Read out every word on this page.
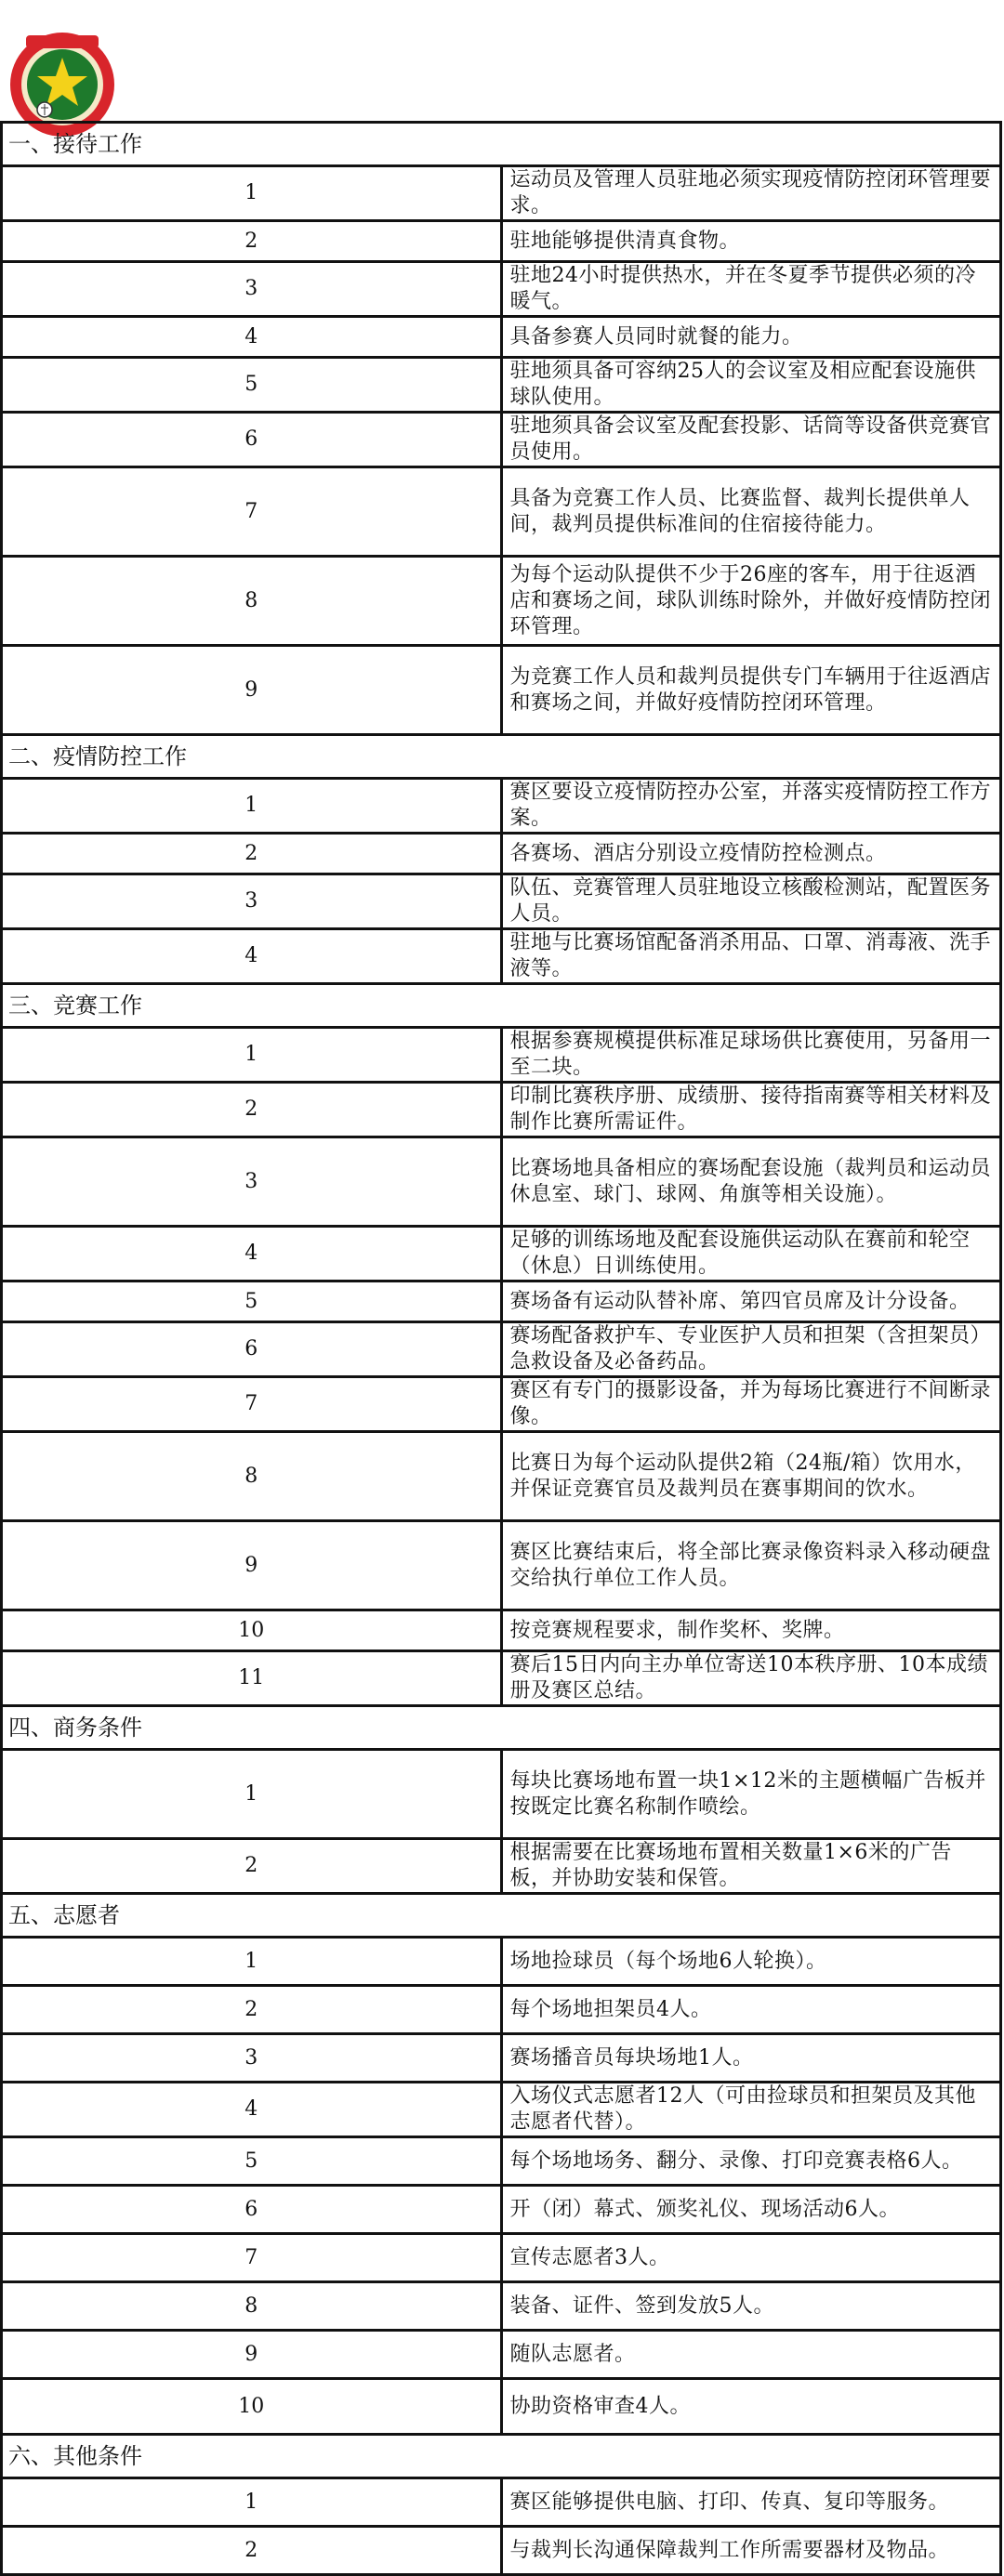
一、接待工作	
1	运动员及管理人员驻地必须实现疫情防控闭环管理要求。
2	驻地能够提供清真食物。
3	驻地24小时提供热水，并在冬夏季节提供必须的冷暖气。
4	具备参赛人员同时就餐的能力。
5	驻地须具备可容纳25人的会议室及相应配套设施供球队使用。
6	驻地须具备会议室及配套投影、话筒等设备供竞赛官员使用。
7	具备为竞赛工作人员、比赛监督、裁判长提供单人间，裁判员提供标准间的住宿接待能力。
8	为每个运动队提供不少于26座的客车，用于往返酒店和赛场之间，球队训练时除外，并做好疫情防控闭环管理。
9	为竞赛工作人员和裁判员提供专门车辆用于往返酒店和赛场之间，并做好疫情防控闭环管理。
二、疫情防控工作	
1	赛区要设立疫情防控办公室，并落实疫情防控工作方案。
2	各赛场、酒店分别设立疫情防控检测点。
3	队伍、竞赛管理人员驻地设立核酸检测站，配置医务人员。
4	驻地与比赛场馆配备消杀用品、口罩、消毒液、洗手液等。
三、竞赛工作	
1	根据参赛规模提供标准足球场供比赛使用，另备用一至二块。
2	印制比赛秩序册、成绩册、接待指南赛等相关材料及制作比赛所需证件。
3	比赛场地具备相应的赛场配套设施（裁判员和运动员休息室、球门、球网、角旗等相关设施）。
4	足够的训练场地及配套设施供运动队在赛前和轮空（休息）日训练使用。
5	赛场备有运动队替补席、第四官员席及计分设备。
6	赛场配备救护车、专业医护人员和担架（含担架员）急救设备及必备药品。
7	赛区有专门的摄影设备，并为每场比赛进行不间断录像。
8	比赛日为每个运动队提供2箱（24瓶/箱）饮用水，并保证竞赛官员及裁判员在赛事期间的饮水。
9	赛区比赛结束后，将全部比赛录像资料录入移动硬盘交给执行单位工作人员。
10	按竞赛规程要求，制作奖杯、奖牌。
11	赛后15日内向主办单位寄送10本秩序册、10本成绩册及赛区总结。
四、商务条件	
1	每块比赛场地布置一块1×12米的主题横幅广告板并按既定比赛名称制作喷绘。
2	根据需要在比赛场地布置相关数量1×6米的广告板，并协助安装和保管。
五、志愿者	
1	场地捡球员（每个场地6人轮换）。
2	每个场地担架员4人。
3	赛场播音员每块场地1人。
4	入场仪式志愿者12人（可由捡球员和担架员及其他志愿者代替）。
5	每个场地场务、翻分、录像、打印竞赛表格6人。
6	开（闭）幕式、颁奖礼仪、现场活动6人。
7	宣传志愿者3人。
8	装备、证件、签到发放5人。
9	随队志愿者。
10	协助资格审查4人。
六、其他条件	
1	赛区能够提供电脑、打印、传真、复印等服务。
2	与裁判长沟通保障裁判工作所需要器材及物品。
